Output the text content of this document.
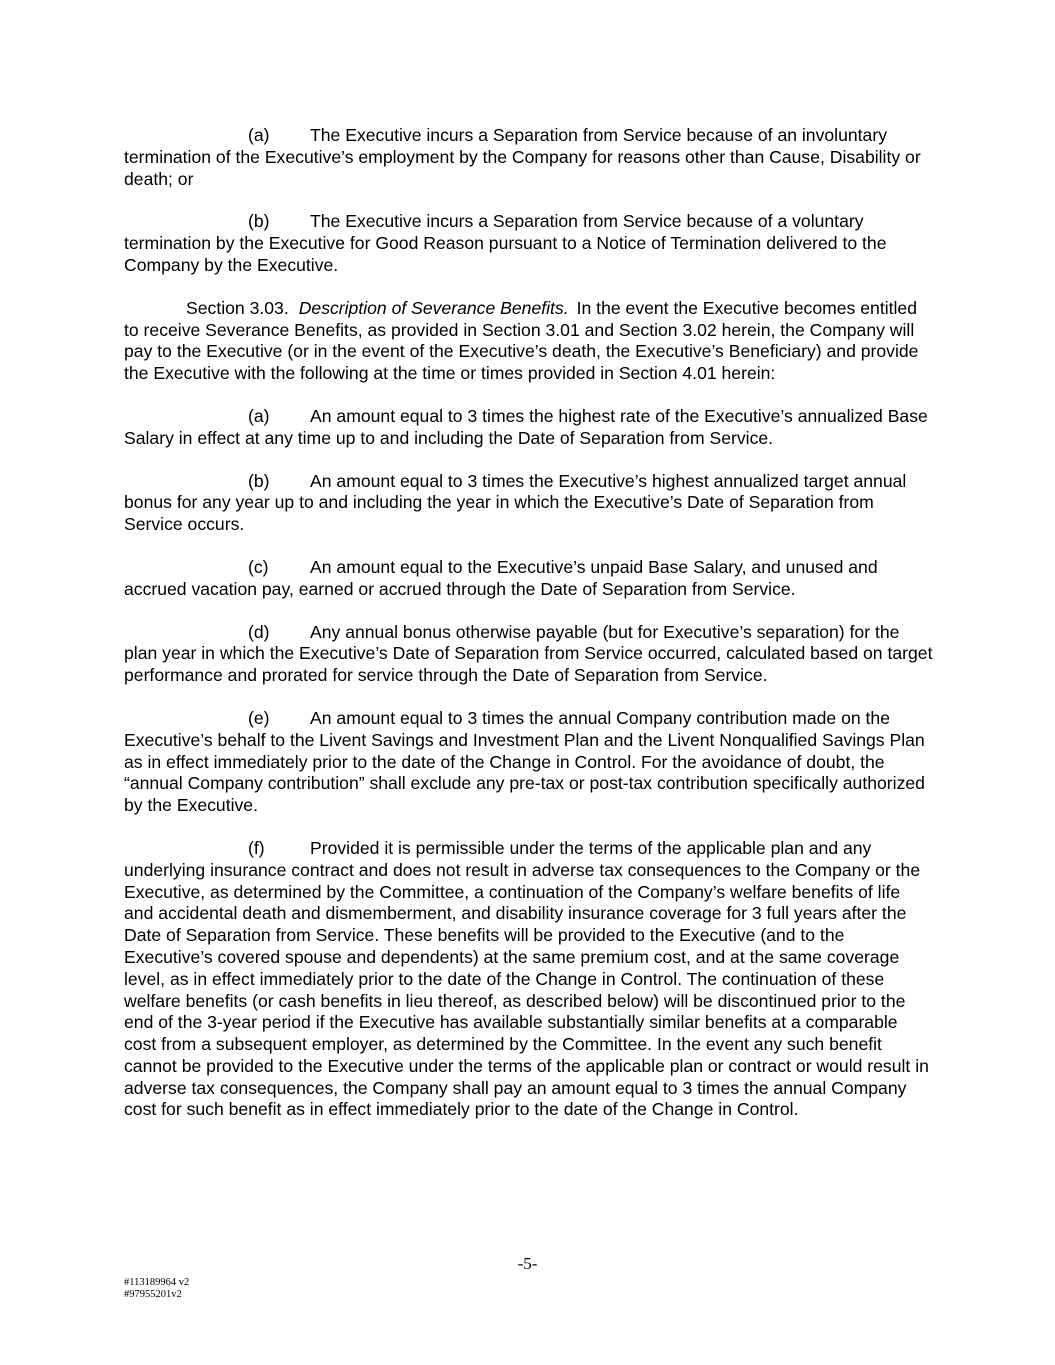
(a) The Executive incurs a Separation from Service because of an involuntary termination of the Executive’s employment by the Company for reasons other than Cause, Disability or death; or

(b) The Executive incurs a Separation from Service because of a voluntary termination by the Executive for Good Reason pursuant to a Notice of Termination delivered to the Company by the Executive.

Section 3.03. Description of Severance Benefits. In the event the Executive becomes entitled to receive Severance Benefits, as provided in Section 3.01 and Section 3.02 herein, the Company will pay to the Executive (or in the event of the Executive’s death, the Executive’s Beneficiary) and provide the Executive with the following at the time or times provided in Section 4.01 herein:

(a) An amount equal to 3 times the highest rate of the Executive’s annualized Base Salary in effect at any time up to and including the Date of Separation from Service.

(b) An amount equal to 3 times the Executive’s highest annualized target annual bonus for any year up to and including the year in which the Executive’s Date of Separation from Service occurs.

(c) An amount equal to the Executive’s unpaid Base Salary, and unused and accrued vacation pay, earned or accrued through the Date of Separation from Service.

(d) Any annual bonus otherwise payable (but for Executive’s separation) for the plan year in which the Executive’s Date of Separation from Service occurred, calculated based on target performance and prorated for service through the Date of Separation from Service.

(e) An amount equal to 3 times the annual Company contribution made on the Executive’s behalf to the Livent Savings and Investment Plan and the Livent Nonqualified Savings Plan as in effect immediately prior to the date of the Change in Control. For the avoidance of doubt, the “annual Company contribution” shall exclude any pre-tax or post-tax contribution specifically authorized by the Executive.

(f)	Provided it is permissible under the terms of the applicable plan and any underlying insurance contract and does not result in adverse tax consequences to the Company or the Executive, as determined by the Committee, a continuation of the Company’s welfare benefits of life and accidental death and dismemberment, and disability insurance coverage for 3 full years after the Date of Separation from Service. These benefits will be provided to the Executive (and to the Executive’s covered spouse and dependents) at the same premium cost, and at the same coverage level, as in effect immediately prior to the date of the Change in Control. The continuation of these welfare benefits (or cash benefits in lieu thereof, as described below) will be discontinued prior to the end of the 3-year period if the Executive has available substantially similar benefits at a comparable cost from a subsequent employer, as determined by the Committee. In the event any such benefit cannot be provided to the Executive under the terms of the applicable plan or contract or would result in adverse tax consequences, the Company shall pay an amount equal to 3 times the annual Company cost for such benefit as in effect immediately prior to the date of the Change in Control.

-5-
#113189964 v2
#97955201v2
